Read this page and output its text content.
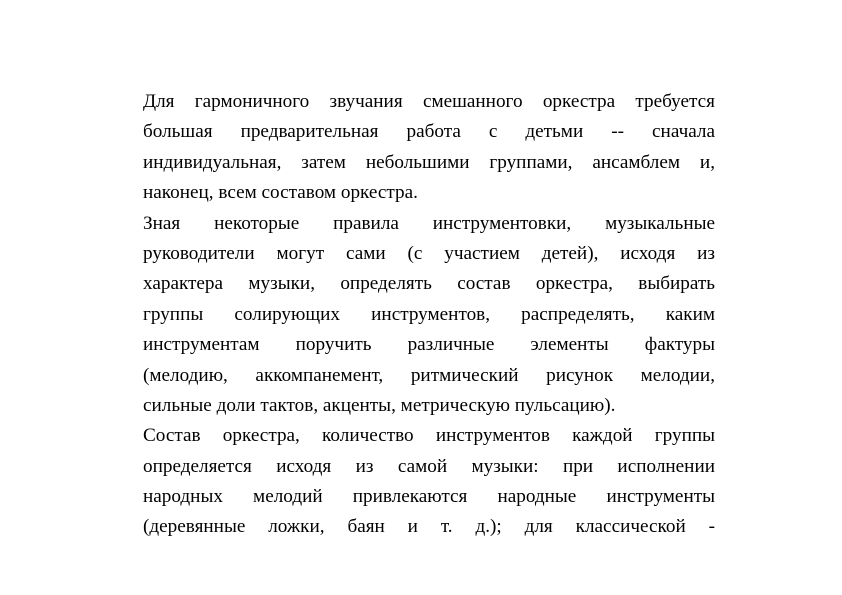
Для гармоничного звучания смешанного оркестра требуется
большая предварительная работа с детьми -- сначала
индивидуальная, затем небольшими группами, ансамблем и,
наконец, всем составом оркестра.
Зная некоторые правила инструментовки, музыкальные
руководители могут сами (с участием детей), исходя из
характера музыки, определять состав оркестра, выбирать
группы солирующих инструментов, распределять, каким
инструментам поручить различные элементы фактуры
(мелодию, аккомпанемент, ритмический рисунок мелодии,
сильные доли тактов, акценты, метрическую пульсацию).
Состав оркестра, количество инструментов каждой группы
определяется исходя из самой музыки: при исполнении
народных мелодий привлекаются народные инструменты
(деревянные ложки, баян и т. д.); для классической -
